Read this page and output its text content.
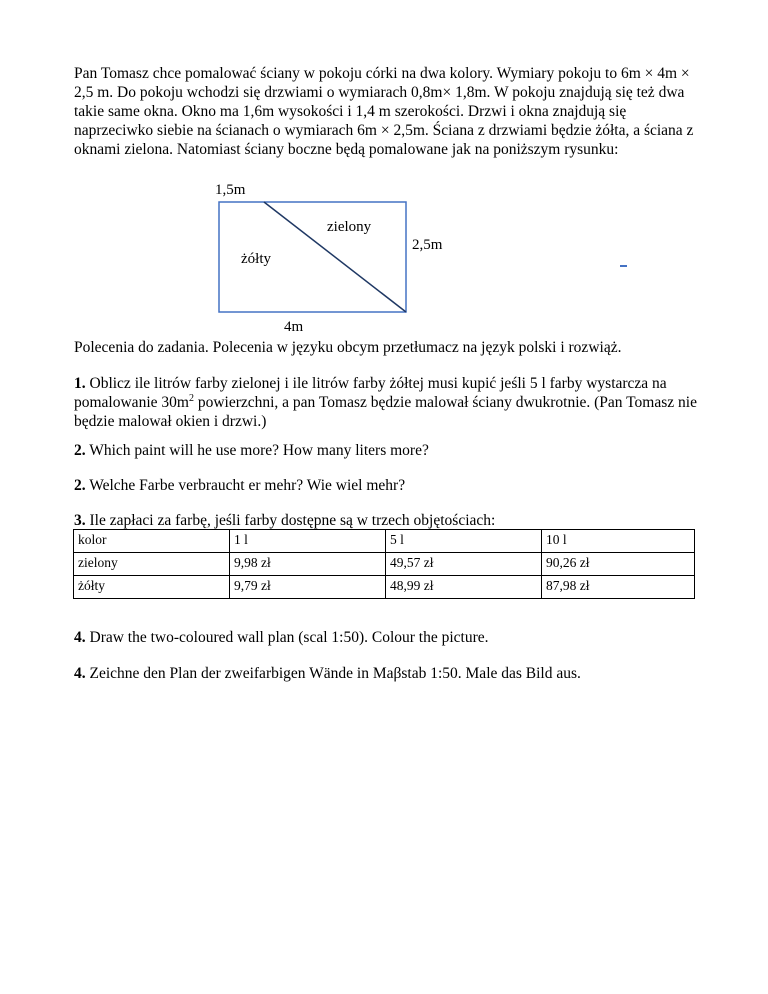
Pan Tomasz chce pomalować ściany w pokoju córki na dwa kolory. Wymiary pokoju to 6m × 4m × 2,5 m. Do pokoju wchodzi się drzwiami o wymiarach 0,8m× 1,8m. W pokoju znajdują się też dwa takie same okna. Okno ma 1,6m wysokości i 1,4 m szerokości. Drzwi i okna znajdują się naprzeciwko siebie na ścianach o wymiarach 6m × 2,5m. Ściana z drzwiami będzie żółta, a ściana z oknami zielona. Natomiast ściany boczne będą pomalowane jak na poniższym rysunku:

1,5m
zielony
2,5m
żółty
4m

Polecenia do zadania. Polecenia w języku obcym przetłumacz na język polski i rozwiąż.

1. Oblicz ile litrów farby zielonej i ile litrów farby żółtej musi kupić jeśli 5 l farby wystarcza na pomalowanie $30m^2$ powierzchni, a pan Tomasz będzie malował ściany dwukrotnie. (Pan Tomasz nie będzie malował okien i drzwi.)

2. Which paint will he use more? How many liters more?

2. Welche Farbe verbraucht er mehr? Wie wiel mehr?

3. Ile zapłaci za farbę, jeśli farby dostępne są w trzech objętościach:

kolor	1 l	5 l	10 l
zielony	9,98 zł	49,57 zł	90,26 zł
żółty	9,79 zł	48,99 zł	87,98 zł

4. Draw the two-coloured wall plan (scal 1:50). Colour the picture.

4. Zeichne den Plan der zweifarbigen Wände in Maβstab 1:50. Male das Bild aus.
